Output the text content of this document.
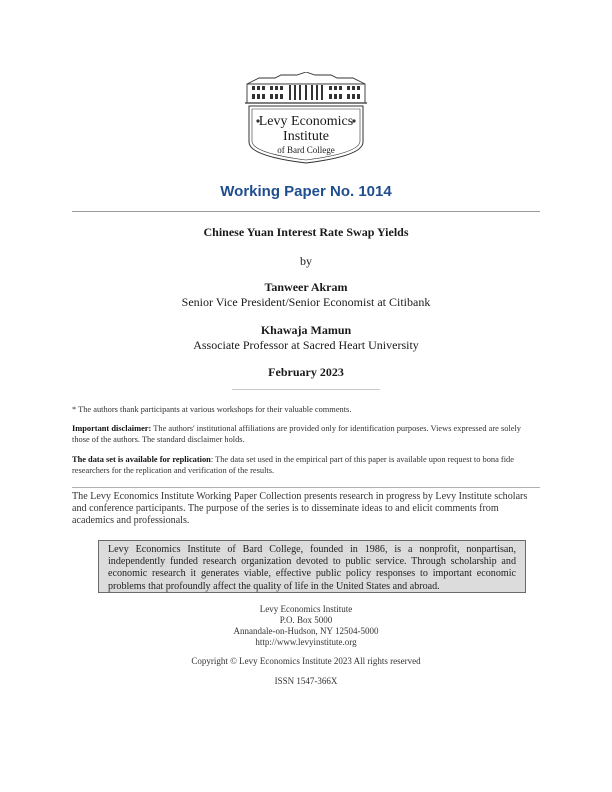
Levy Economics
Institute
of Bard College
Working Paper No. 1014
Chinese Yuan Interest Rate Swap Yields
by
Tanweer Akram
Senior Vice President/Senior Economist at Citibank
Khawaja Mamun
Associate Professor at Sacred Heart University
February 2023
* The authors thank participants at various workshops for their valuable comments.
Important disclaimer: The authors' institutional affiliations are provided only for identification purposes. Views expressed are solely those of the authors. The standard disclaimer holds.
The data set is available for replication: The data set used in the empirical part of this paper is available upon request to bona fide researchers for the replication and verification of the results.
The Levy Economics Institute Working Paper Collection presents research in progress by Levy Institute scholars and conference participants. The purpose of the series is to disseminate ideas to and elicit comments from academics and professionals.
Levy Economics Institute of Bard College, founded in 1986, is a nonprofit, nonpartisan, independently funded research organization devoted to public service. Through scholarship and economic research it generates viable, effective public policy responses to important economic problems that profoundly affect the quality of life in the United States and abroad.
Levy Economics Institute
P.O. Box 5000
Annandale-on-Hudson, NY 12504-5000
http://www.levyinstitute.org
Copyright © Levy Economics Institute 2023 All rights reserved
ISSN 1547-366X
